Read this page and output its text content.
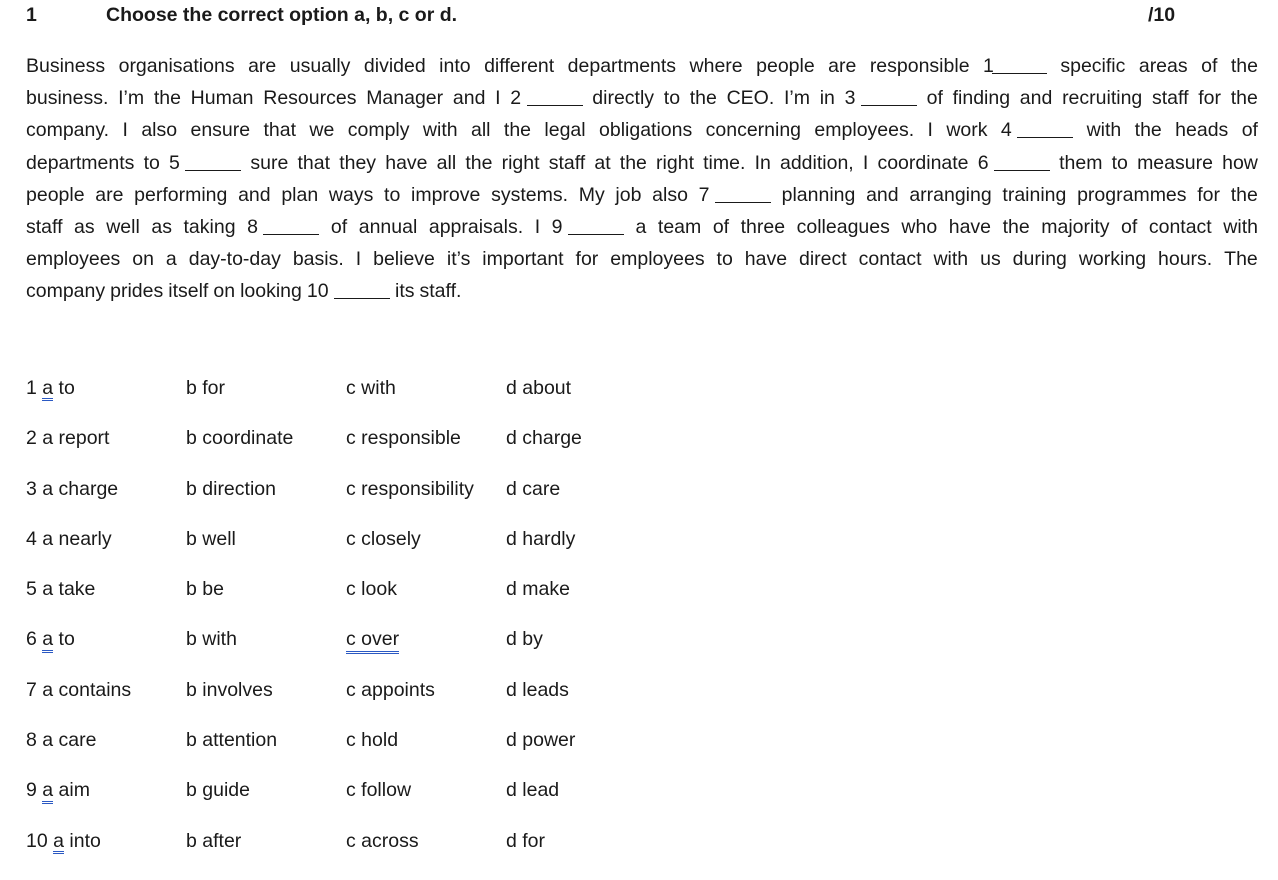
1	Choose the correct option a, b, c or d.	/10
Business organisations are usually divided into different departments where people are responsible 1	specific areas of the
business. I’m the Human Resources Manager and I 2	directly to the CEO. I’m in 3	of finding and recruiting staff for the
company. I also ensure that we comply with all the legal obligations concerning employees. I work 4	with the heads of
departments to 5	sure that they have all the right staff at the right time. In addition, I coordinate 6	them to measure how
people are performing and plan ways to improve systems. My job also 7	planning and arranging training programmes for the
staff as well as taking 8	of annual appraisals. I 9	a team of three colleagues who have the majority of contact with
employees on a day-to-day basis. I believe it’s important for employees to have direct contact with us during working hours. The
company prides itself on looking 10	its staff.
1 a to	b for	c with	d about
2 a report	b coordinate	c responsible d charge
3 a charge	b direction	c responsibility d care
4 a nearly	b well	c closely	d hardly
5 a take	b be	c look	d make
6 a to	b with	c over	d by
7 a contains	b involves	c appoints	d leads
8 a care	b attention	c hold	d power
9 a aim	b guide	c follow	d lead
10 a into	b after	c across	d for
